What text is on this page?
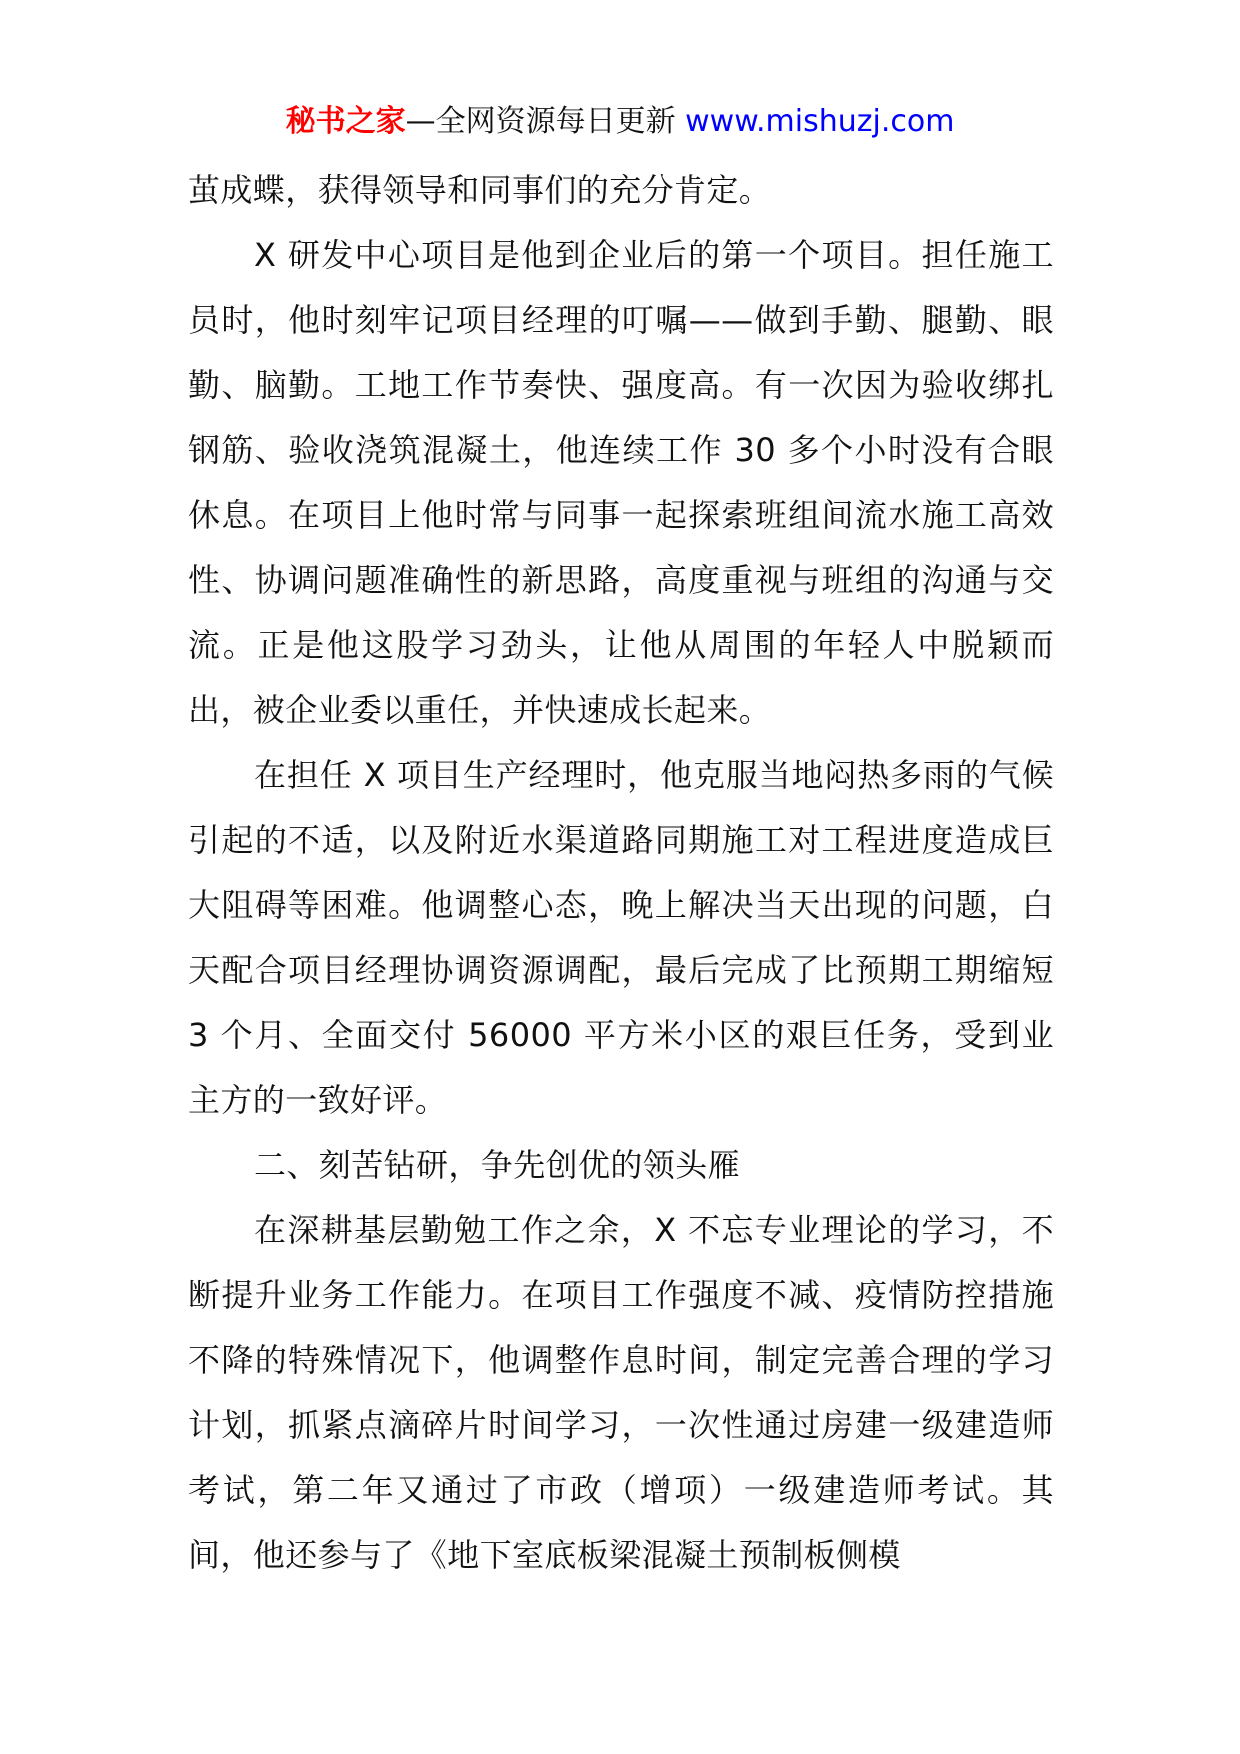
秘书之家—全网资源每日更新 www.mishuzj.com

茧成蝶，获得领导和同事们的充分肯定。

X 研发中心项目是他到企业后的第一个项目。担任施工员时，他时刻牢记项目经理的叮嘱——做到手勤、腿勤、眼勤、脑勤。工地工作节奏快、强度高。有一次因为验收绑扎钢筋、验收浇筑混凝土，他连续工作 30 多个小时没有合眼休息。在项目上他时常与同事一起探索班组间流水施工高效性、协调问题准确性的新思路，高度重视与班组的沟通与交流。正是他这股学习劲头，让他从周围的年轻人中脱颖而出，被企业委以重任，并快速成长起来。

在担任 X 项目生产经理时，他克服当地闷热多雨的气候引起的不适，以及附近水渠道路同期施工对工程进度造成巨大阻碍等困难。他调整心态，晚上解决当天出现的问题，白天配合项目经理协调资源调配，最后完成了比预期工期缩短 3 个月、全面交付 56000 平方米小区的艰巨任务，受到业主方的一致好评。

二、刻苦钻研，争先创优的领头雁

在深耕基层勤勉工作之余，X 不忘专业理论的学习，不断提升业务工作能力。在项目工作强度不减、疫情防控措施不降的特殊情况下，他调整作息时间，制定完善合理的学习计划，抓紧点滴碎片时间学习，一次性通过房建一级建造师考试，第二年又通过了市政（增项）一级建造师考试。其间，他还参与了《地下室底板梁混凝土预制板侧模
